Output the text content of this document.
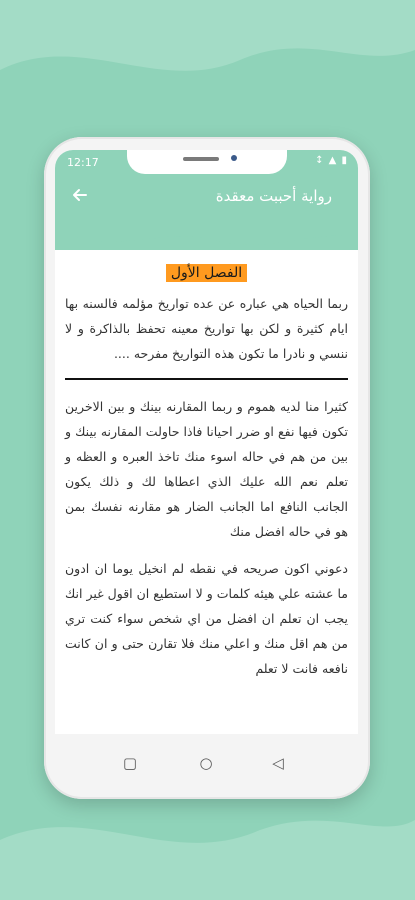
12:17	↕ ▲ ▮
رواية أحببت معقدة
الفصل الأول

ربما الحياه هي عباره عن عده تواريخ مؤلمه فالسنه بها ايام كثيرة و لكن بها تواريخ معينه تحفظ بالذاكرة و لا ننسي و نادرا ما تكون هذه التواريخ مفرحه ....

كثيرا منا لديه هموم و ربما المقارنه بينك و بين الاخرين تكون فيها نفع او ضرر احيانا فاذا حاولت المقارنه بينك و بين من هم في حاله اسوء منك تاخذ العبره و العظه و تعلم نعم الله عليك الذي اعطاها لك و ذلك يكون الجانب النافع اما الجانب الضار هو مقارنه نفسك بمن هو في حاله افضل منك

دعوني اكون صريحه في نقطه لم انخيل يوما ان ادون ما عشته علي هيئه كلمات و لا استطيع ان اقول غير انك يجب ان تعلم ان افضل من اي شخص سواء كنت تري من هم اقل منك و اعلي منك فلا تقارن حتى و ان كانت نافعه فانت لا تعلم

▢	○	◁
